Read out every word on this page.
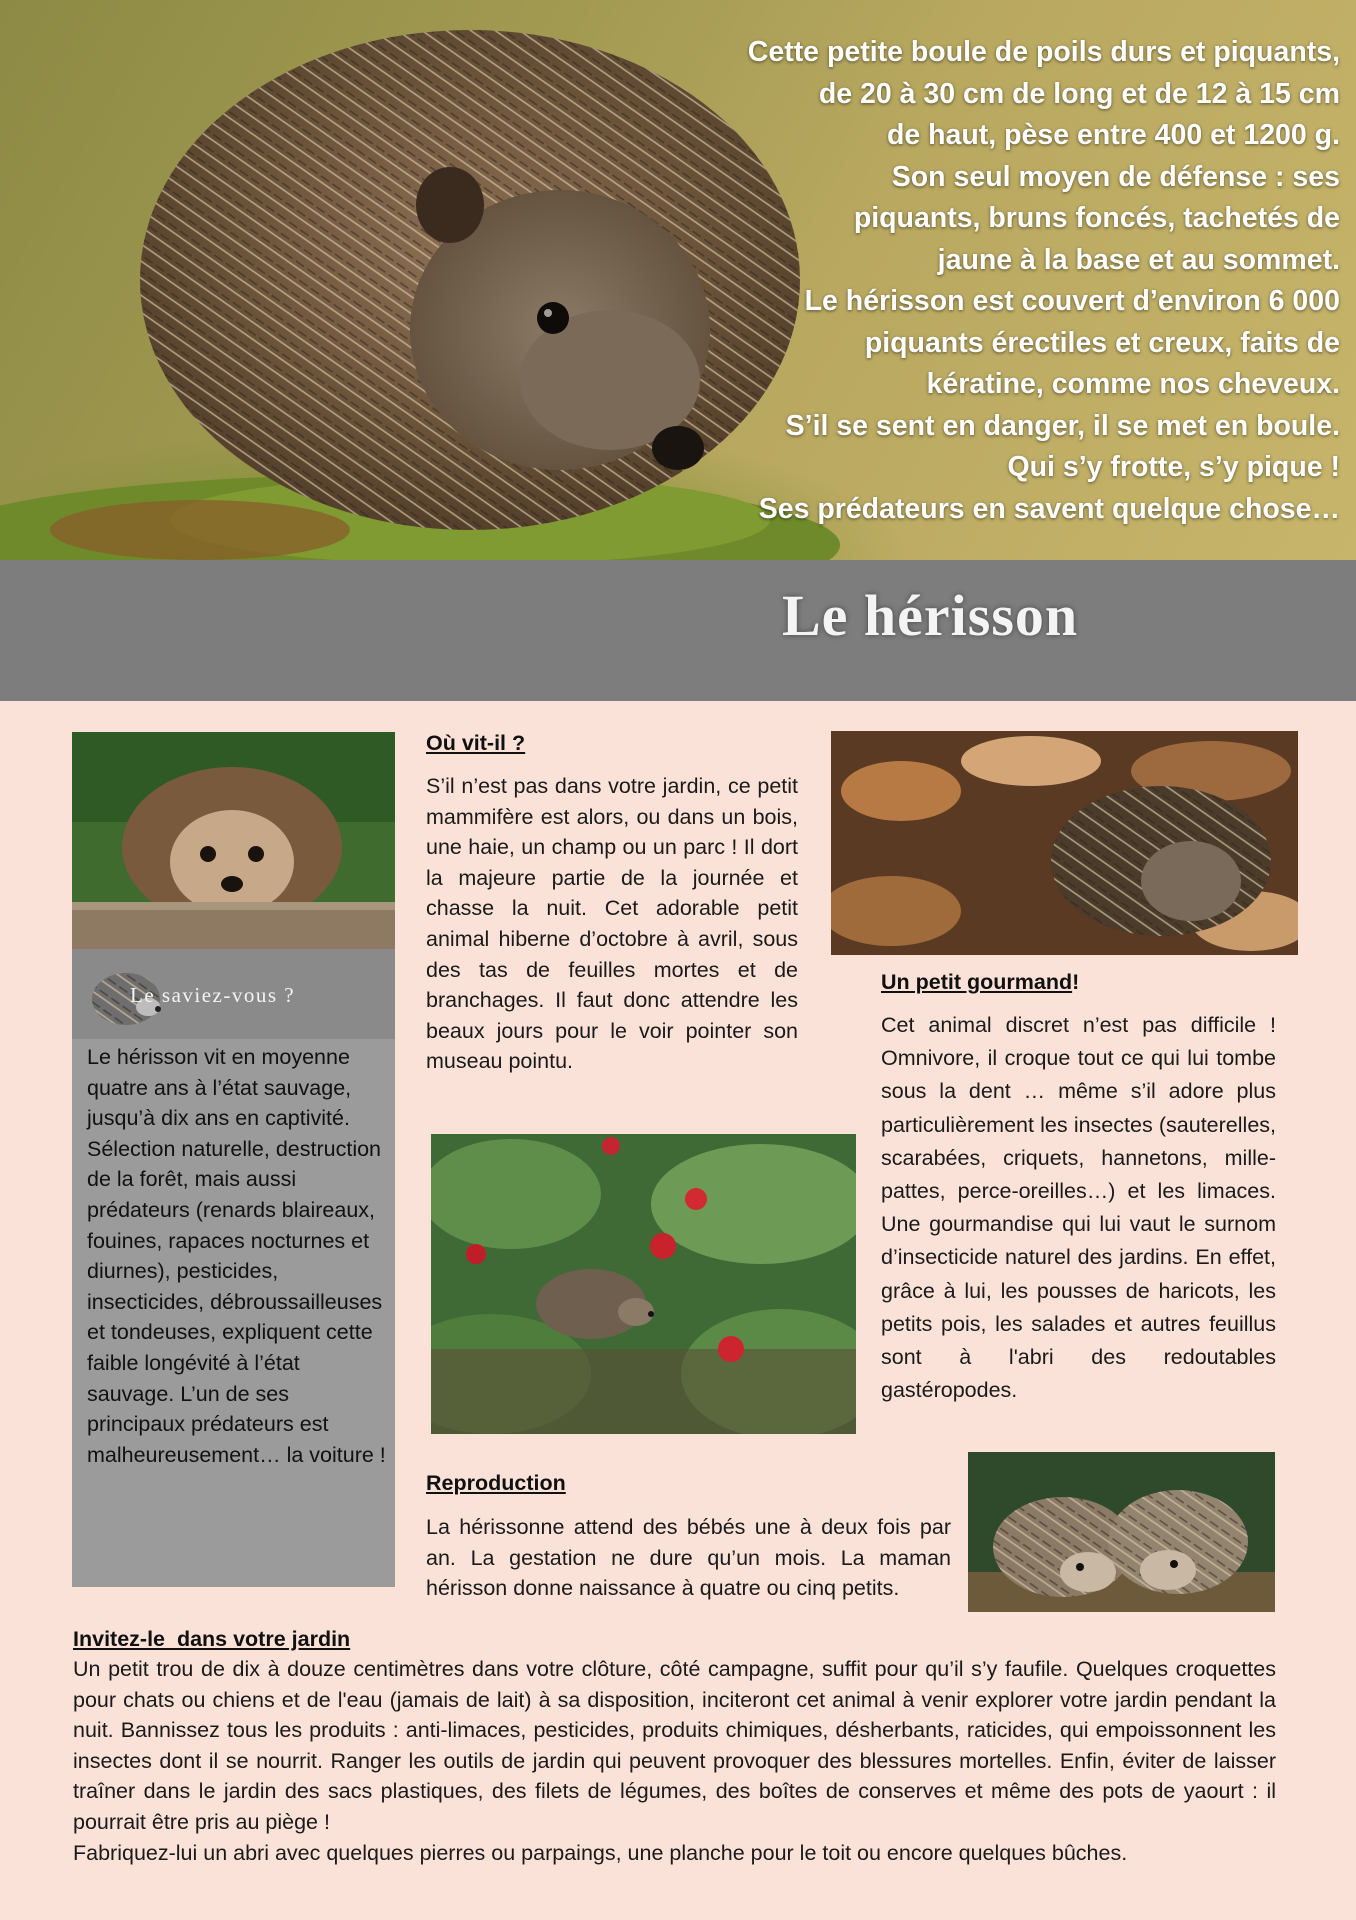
Cette petite boule de poils durs et piquants,
de 20 à 30 cm de long et de 12 à 15 cm
de haut, pèse entre 400 et 1200 g.
Son seul moyen de défense : ses
piquants, bruns foncés, tachetés de
jaune à la base et au sommet.
Le hérisson est couvert d’environ 6 000
piquants érectiles et creux, faits de
kératine, comme nos cheveux.
S’il se sent en danger, il se met en boule.
Qui s’y frotte, s’y pique !
Ses prédateurs en savent quelque chose…

Le hérisson
Le saviez-vous ?

Le hérisson vit en moyenne quatre ans à l’état sauvage, jusqu’à dix ans en captivité. Sélection naturelle, destruction de la forêt, mais aussi prédateurs (renards blaireaux, fouines, rapaces nocturnes et diurnes), pesticides, insecticides, débroussailleuses et tondeuses, expliquent cette faible longévité à l’état sauvage. L’un de ses principaux prédateurs est malheureusement… la voiture !

Où vit-il ?

S’il n’est pas dans votre jardin, ce petit mammifère est alors, ou dans un bois, une haie, un champ ou un parc ! Il dort la majeure partie de la journée et chasse la nuit. Cet adorable petit animal hiberne d’octobre à avril, sous des tas de feuilles mortes et de branchages. Il faut donc attendre les beaux jours pour le voir pointer son museau pointu.

Un petit gourmand!

Cet animal discret n’est pas difficile ! Omnivore, il croque tout ce qui lui tombe sous la dent … même s’il adore plus particulièrement les insectes (sauterelles, scarabées, criquets, hannetons, mille-pattes, perce-oreilles…) et les limaces. Une gourmandise qui lui vaut le surnom d’insecticide naturel des jardins. En effet, grâce à lui, les pousses de haricots, les petits pois, les salades et autres feuillus sont à l'abri des redoutables gastéropodes.

Reproduction

La hérissonne attend des bébés une à deux fois par an. La gestation ne dure qu’un mois. La maman hérisson donne naissance à quatre ou cinq petits.

Invitez-le  dans votre jardin

Un petit trou de dix à douze centimètres dans votre clôture, côté campagne, suffit pour qu’il s’y faufile. Quelques croquettes pour chats ou chiens et de l'eau (jamais de lait) à sa disposition, inciteront cet animal à venir explorer votre jardin pendant la nuit. Bannissez tous les produits : anti-limaces, pesticides, produits chimiques, désherbants, raticides, qui empoissonnent les insectes dont il se nourrit. Ranger les outils de jardin qui peuvent provoquer des blessures mortelles. Enfin, éviter de laisser traîner dans le jardin des sacs plastiques, des filets de légumes, des boîtes de conserves et même des pots de yaourt : il pourrait être pris au piège !

Fabriquez-lui un abri avec quelques pierres ou parpaings, une planche pour le toit ou encore quelques bûches.
